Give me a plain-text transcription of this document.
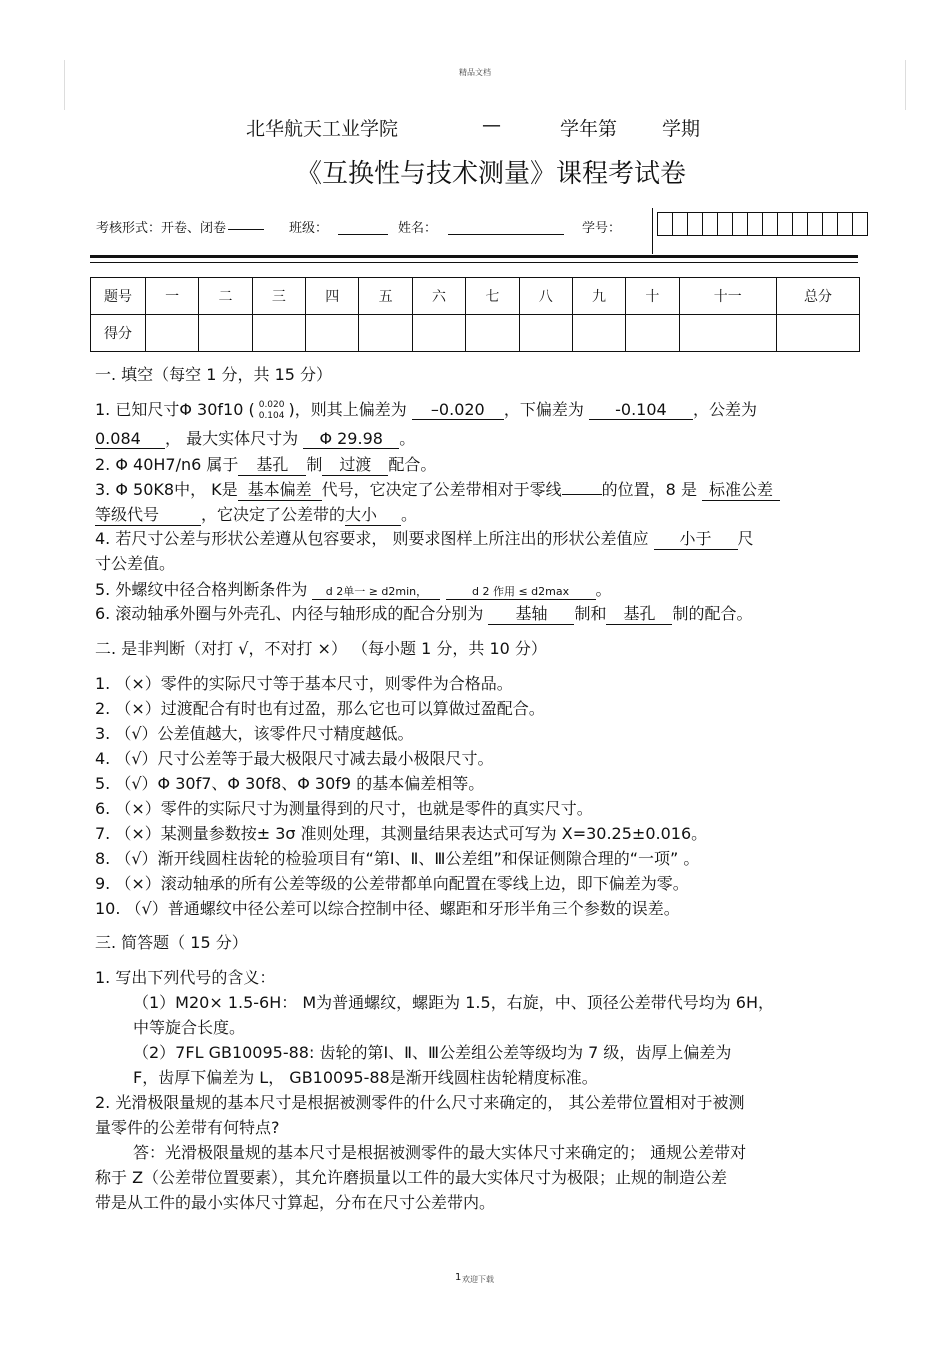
精品文档
北华航天工业学院	—	学年第 学期
《互换性与技术测量》课程考试卷
考核形式：开卷、闭卷	班级：	姓名：	学号：
题号	一	二	三	四	五	六	七	八	九	十	十一	总分
得分												
一. 填空（每空 1 分，共 15 分）
1. 已知尺寸Φ 30f10 ( 0.020
0.104 )，则其上偏差为 –0.020 ，下偏差为 -0.104 ，公差为
0.084 ， 最大实体尺寸为 Φ 29.98 。
2. Φ 40H7/n6 属于 基孔 制 过渡 配合。
3. Φ 50K8中， K是 基本偏差 代号，它决定了公差带相对于零线	的位置，8 是 标准公差
等级代号	，它决定了公差带的大小 。
4. 若尺寸公差与形状公差遵从包容要求， 则要求图样上所注出的形状公差值应 小于 尺
寸公差值。
5. 外螺纹中径合格判断条件为 d 2单一 ≥ d2min，	d 2 作用 ≤ d2max 。
6. 滚动轴承外圈与外壳孔、内径与轴形成的配合分别为 基轴 制和 基孔 制的配合。
二. 是非判断（对打 √，不对打 ×） （每小题 1 分，共 10 分）
1. （×）零件的实际尺寸等于基本尺寸，则零件为合格品。
2. （×）过渡配合有时也有过盈，那么它也可以算做过盈配合。
3. （√）公差值越大，该零件尺寸精度越低。
4. （√）尺寸公差等于最大极限尺寸减去最小极限尺寸。
5. （√）Φ 30f7、Φ 30f8、Φ 30f9 的基本偏差相等。
6. （×）零件的实际尺寸为测量得到的尺寸，也就是零件的真实尺寸。
7. （×）某测量参数按± 3σ 准则处理，其测量结果表达式可写为 X=30.25±0.016。
8. （√）渐开线圆柱齿轮的检验项目有“第Ⅰ、Ⅱ、Ⅲ公差组”和保证侧隙合理的“一项” 。
9. （×）滚动轴承的所有公差等级的公差带都单向配置在零线上边，即下偏差为零。
10. （√）普通螺纹中径公差可以综合控制中径、螺距和牙形半角三个参数的误差。
三. 简答题（ 15 分）
1. 写出下列代号的含义：
（1）M20× 1.5-6H： M为普通螺纹，螺距为 1.5，右旋，中、顶径公差带代号均为 6H，
中等旋合长度。
（2）7FL GB10095-88: 齿轮的第Ⅰ、Ⅱ、Ⅲ公差组公差等级均为 7 级，齿厚上偏差为
F，齿厚下偏差为 L， GB10095-88是渐开线圆柱齿轮精度标准。
2. 光滑极限量规的基本尺寸是根据被测零件的什么尺寸来确定的， 其公差带位置相对于被测
量零件的公差带有何特点?
答：光滑极限量规的基本尺寸是根据被测零件的最大实体尺寸来确定的； 通规公差带对
称于 Z（公差带位置要素），其允许磨损量以工件的最大实体尺寸为极限；止规的制造公差
带是从工件的最小实体尺寸算起，分布在尺寸公差带内。
1 欢迎下载
